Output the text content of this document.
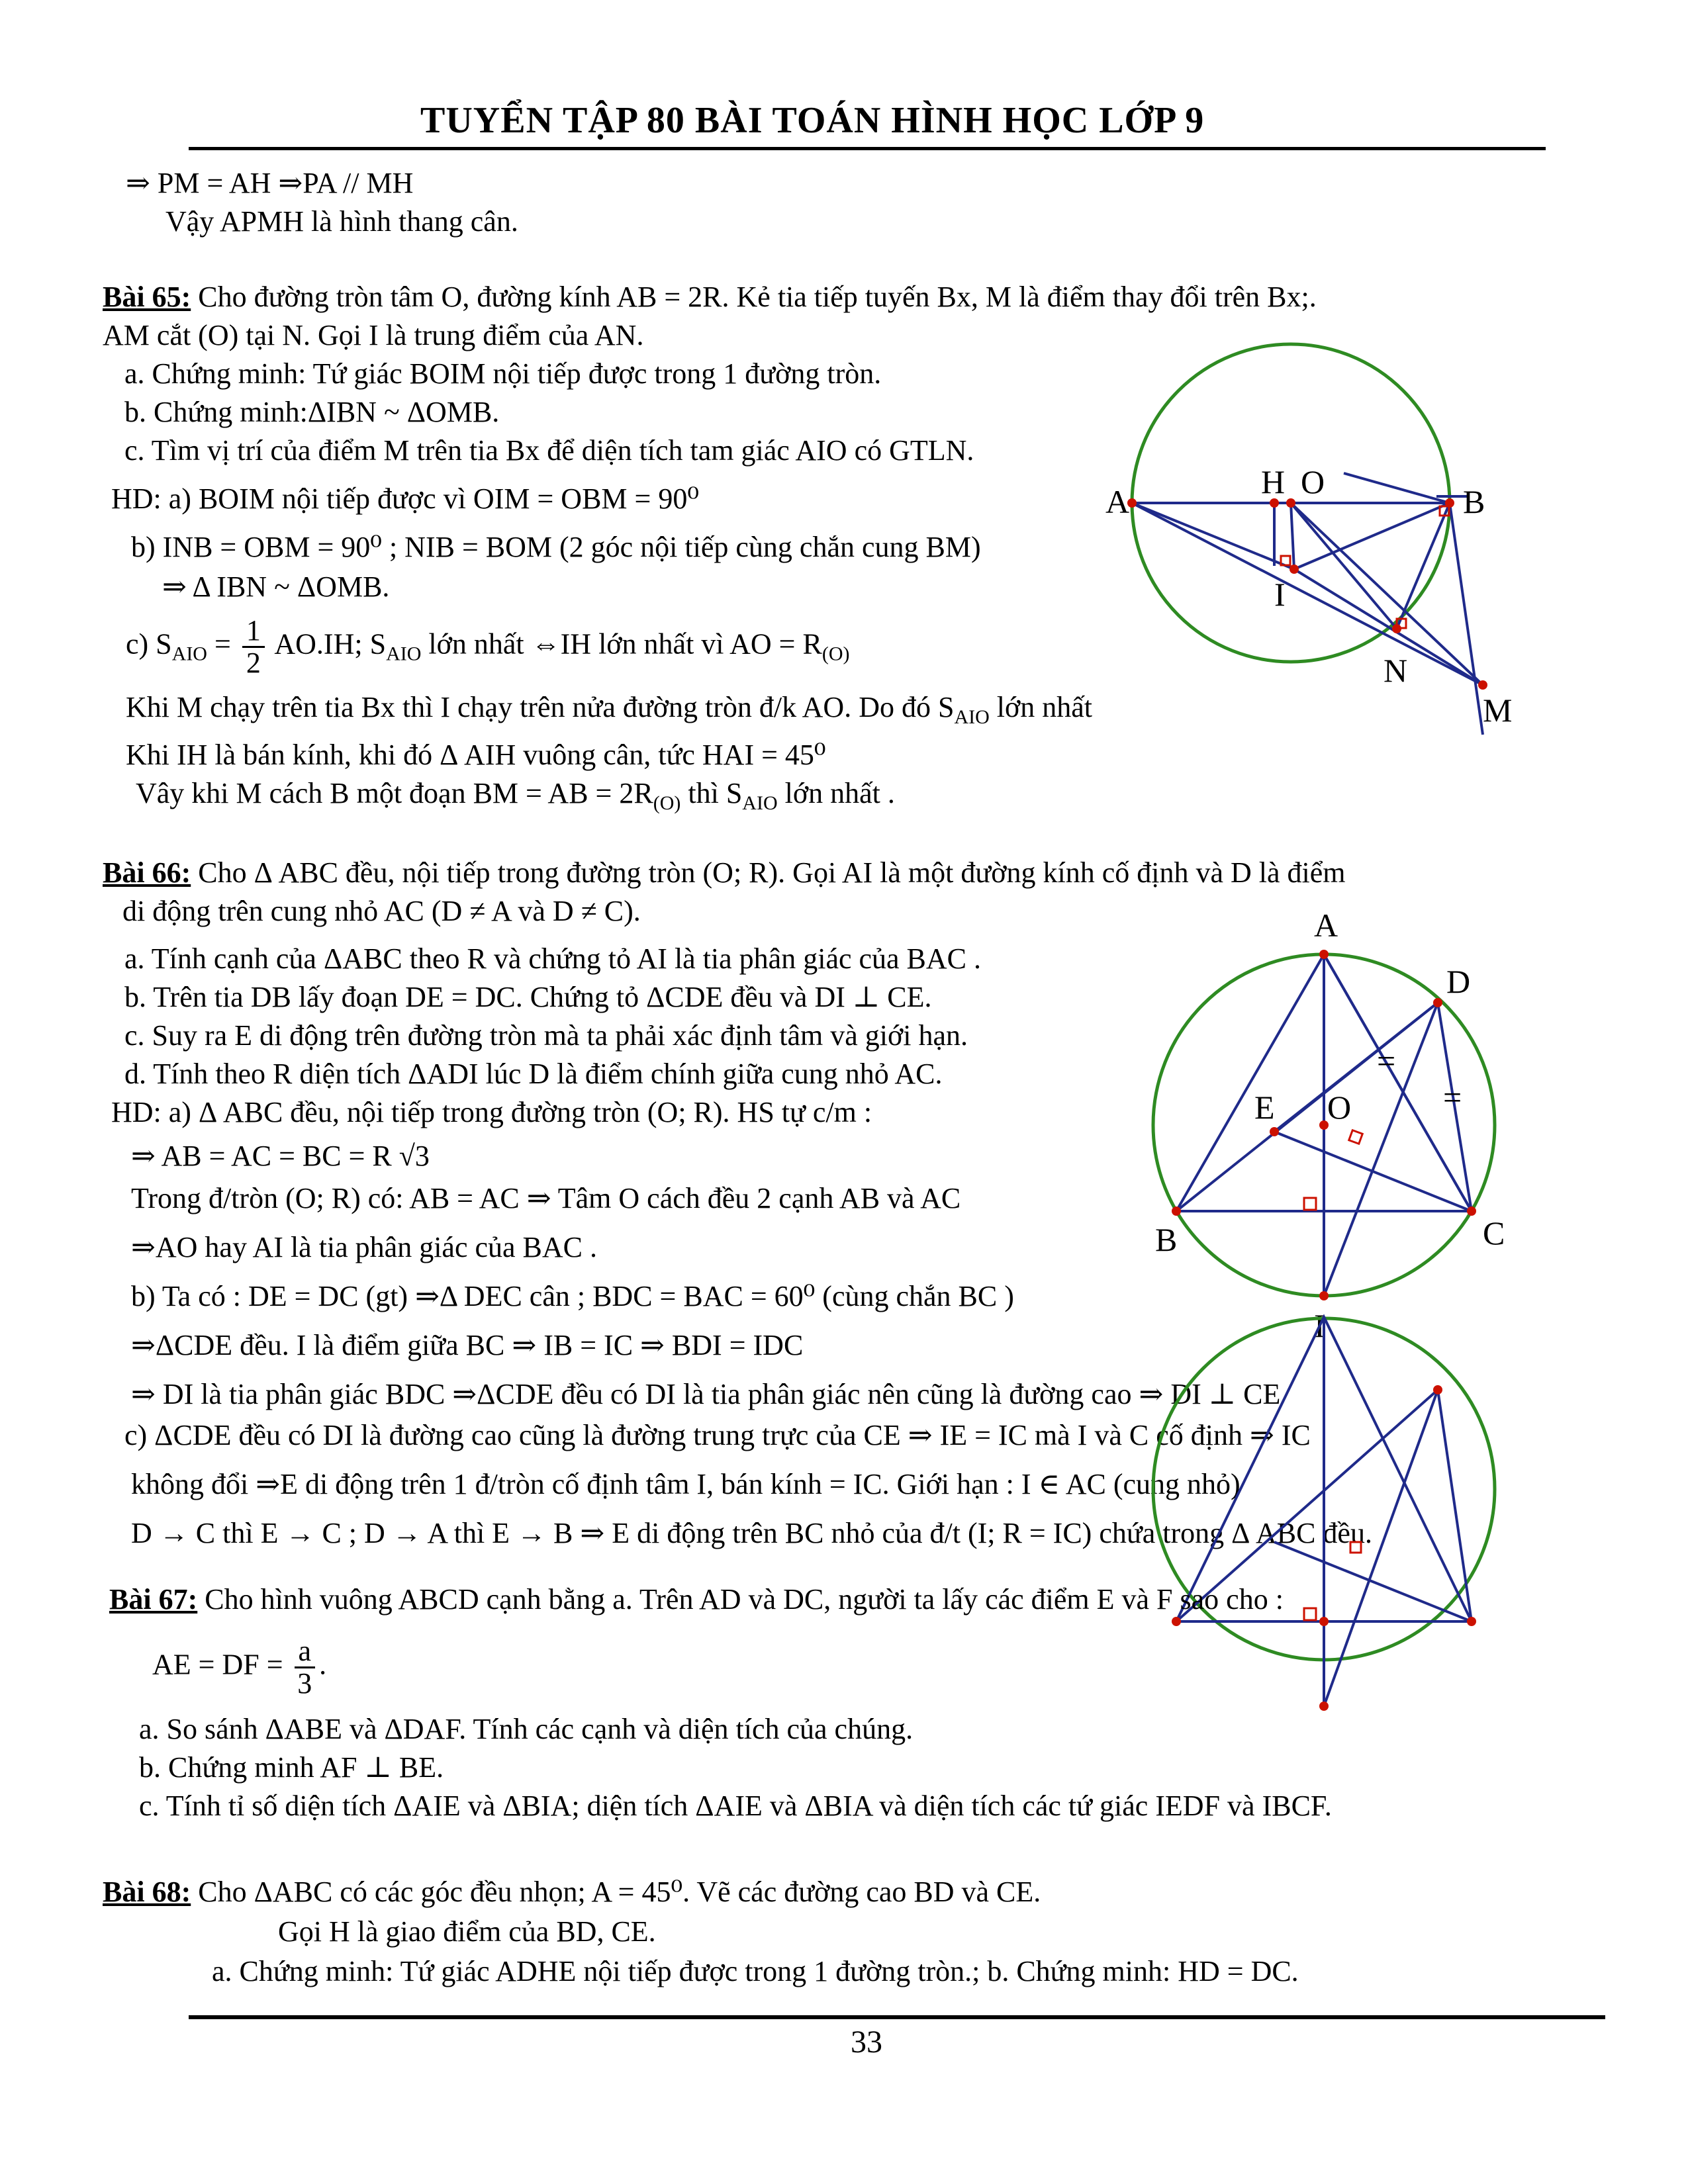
TUYỂN TẬP 80 BÀI TOÁN HÌNH HỌC LỚP 9
⇒ PM = AH ⇒PA // MH
Vậy APMH là hình thang cân.
Bài 65: Cho đường tròn tâm O, đường kính AB = 2R. Kẻ tia tiếp tuyến Bx, M là điểm thay đổi trên Bx;.
AM cắt (O) tại N. Gọi I là trung điểm của AN.
a. Chứng minh: Tứ giác BOIM nội tiếp được trong 1 đường tròn.
b. Chứng minh:ΔIBN ~ ΔOMB.
c. Tìm vị trí của điểm M trên tia Bx để diện tích tam giác AIO có GTLN.
HD: a) BOIM nội tiếp được vì OIM = OBM = 90⁰
b) INB = OBM = 90⁰ ; NIB = BOM (2 góc nội tiếp cùng chắn cung BM)
⇒ Δ IBN ~ ΔOMB.
c) $S_{AIO} = \frac{1}{2} AO.IH$; $S_{AIO}$ lớn nhất ⇔IH lớn nhất vì AO = $R_{(O)}$
Khi M chạy trên tia Bx thì I chạy trên nửa đường tròn đ/k AO. Do đó $S_{AIO}$ lớn nhất
Khi IH là bán kính, khi đó Δ AIH vuông cân, tức HAI = 45⁰
Vây khi M cách B một đoạn BM = AB = $2R_{(O)}$ thì $S_{AIO}$ lớn nhất .
A
H O
B
I
N
M
Bài 66: Cho Δ ABC đều, nội tiếp trong đường tròn (O; R). Gọi AI là một đường kính cố định và D là điểm
di động trên cung nhỏ AC (D ≠ A và D ≠ C).
a. Tính cạnh của ΔABC theo R và chứng tỏ AI là tia phân giác của BAC .
b. Trên tia DB lấy đoạn DE = DC. Chứng tỏ ΔCDE đều và DI ⊥ CE.
c. Suy ra E di động trên đường tròn mà ta phải xác định tâm và giới hạn.
d. Tính theo R diện tích ΔADI lúc D là điểm chính giữa cung nhỏ AC.
HD: a) Δ ABC đều, nội tiếp trong đường tròn (O; R). HS tự c/m :
⇒ AB = AC = BC = R √3
Trong đ/tròn (O; R) có: AB = AC ⇒ Tâm O cách đều 2 cạnh AB và AC
⇒AO hay AI là tia phân giác của BAC .
b) Ta có : DE = DC (gt) ⇒Δ DEC cân ; BDC = BAC = 60⁰ (cùng chắn BC )
⇒ΔCDE đều. I là điểm giữa BC ⇒ IB = IC ⇒ BDI = IDC
⇒ DI là tia phân giác BDC ⇒ΔCDE đều có DI là tia phân giác nên cũng là đường cao ⇒ DI ⊥ CE
c) ΔCDE đều có DI là đường cao cũng là đường trung trực của CE ⇒ IE = IC mà I và C cố định ⇒ IC
không đổi ⇒E di động trên 1 đ/tròn cố định tâm I, bán kính = IC. Giới hạn : I ∈ AC (cung nhỏ)
D → C thì E → C ; D → A thì E → B ⇒ E di động trên BC nhỏ của đ/t (I; R = IC) chứa trong Δ ABC đều.
A
D
E O
B	C
I
=
=
Bài 67: Cho hình vuông ABCD cạnh bằng a. Trên AD và DC, người ta lấy các điểm E và F sao cho :
AE = DF = $\frac{a}{3}$ .
a. So sánh ΔABE và ΔDAF. Tính các cạnh và diện tích của chúng.
b. Chứng minh AF ⊥ BE.
c. Tính tỉ số diện tích ΔAIE và ΔBIA; diện tích ΔAIE và ΔBIA và diện tích các tứ giác IEDF và IBCF.
Bài 68: Cho ΔABC có các góc đều nhọn; A = 45⁰. Vẽ các đường cao BD và CE.
Gọi H là giao điểm của BD, CE.
a. Chứng minh: Tứ giác ADHE nội tiếp được trong 1 đường tròn.; b. Chứng minh: HD = DC.
33
